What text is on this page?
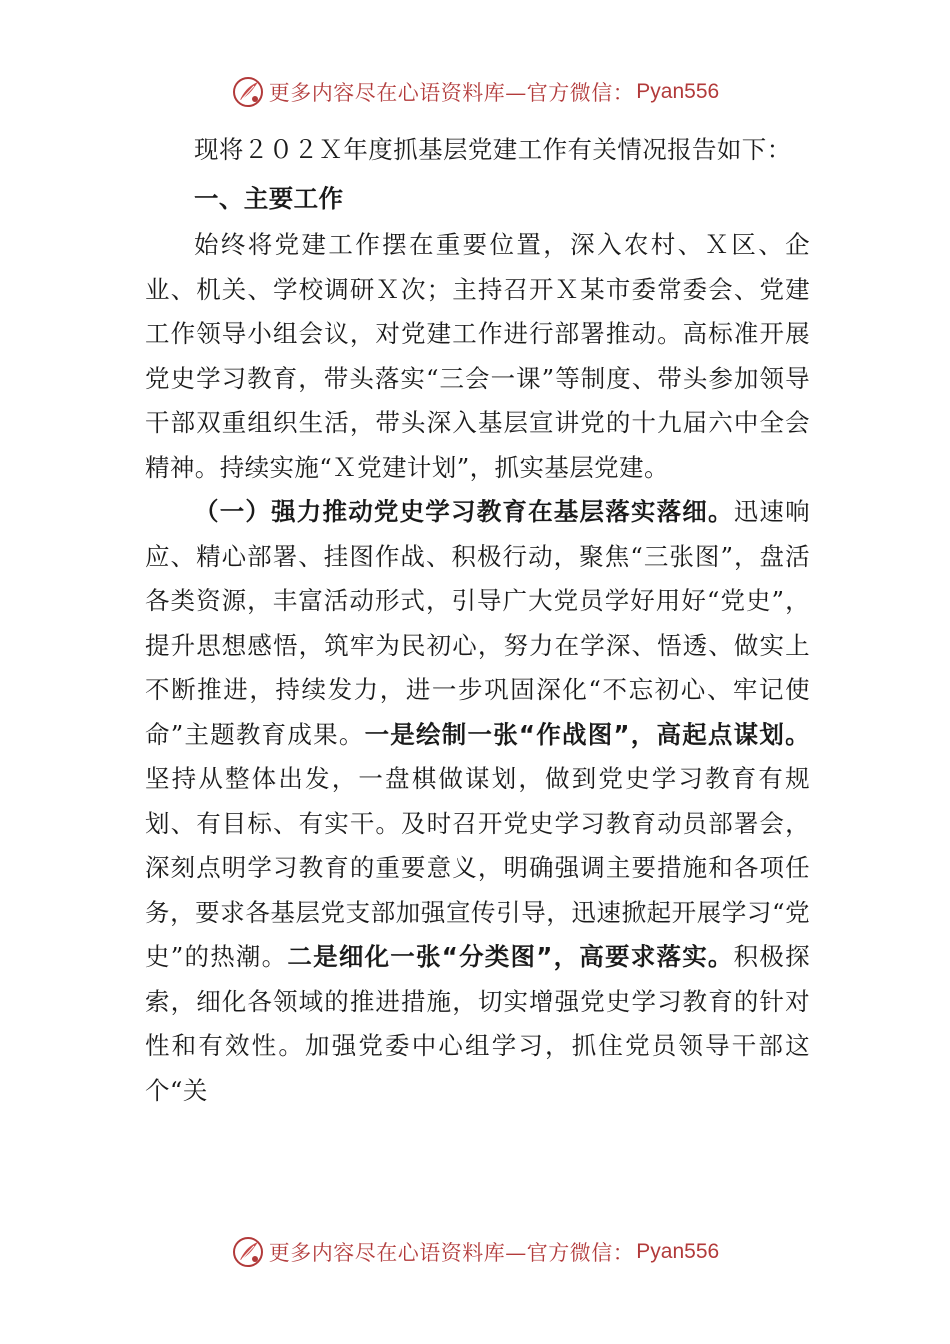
更多内容尽在心语资料库—官方微信： Pyan556

现将２０２Ｘ年度抓基层党建工作有关情况报告如下：

一、主要工作

始终将党建工作摆在重要位置，深入农村、Ｘ区、企业、机关、学校调研Ｘ次；主持召开Ｘ某市委常委会、党建工作领导小组会议，对党建工作进行部署推动。高标准开展党史学习教育，带头落实“三会一课”等制度、带头参加领导干部双重组织生活，带头深入基层宣讲党的十九届六中全会精神。持续实施“Ｘ党建计划”，抓实基层党建。

（一）强力推动党史学习教育在基层落实落细。迅速响应、精心部署、挂图作战、积极行动，聚焦“三张图”，盘活各类资源，丰富活动形式，引导广大党员学好用好“党史”，提升思想感悟，筑牢为民初心，努力在学深、悟透、做实上不断推进，持续发力，进一步巩固深化“不忘初心、牢记使命”主题教育成果。一是绘制一张“作战图”，高起点谋划。坚持从整体出发，一盘棋做谋划，做到党史学习教育有规划、有目标、有实干。及时召开党史学习教育动员部署会，深刻点明学习教育的重要意义，明确强调主要措施和各项任务，要求各基层党支部加强宣传引导，迅速掀起开展学习“党史”的热潮。二是细化一张“分类图”，高要求落实。积极探索，细化各领域的推进措施，切实增强党史学习教育的针对性和有效性。加强党委中心组学习，抓住党员领导干部这个“关

更多内容尽在心语资料库—官方微信： Pyan556
